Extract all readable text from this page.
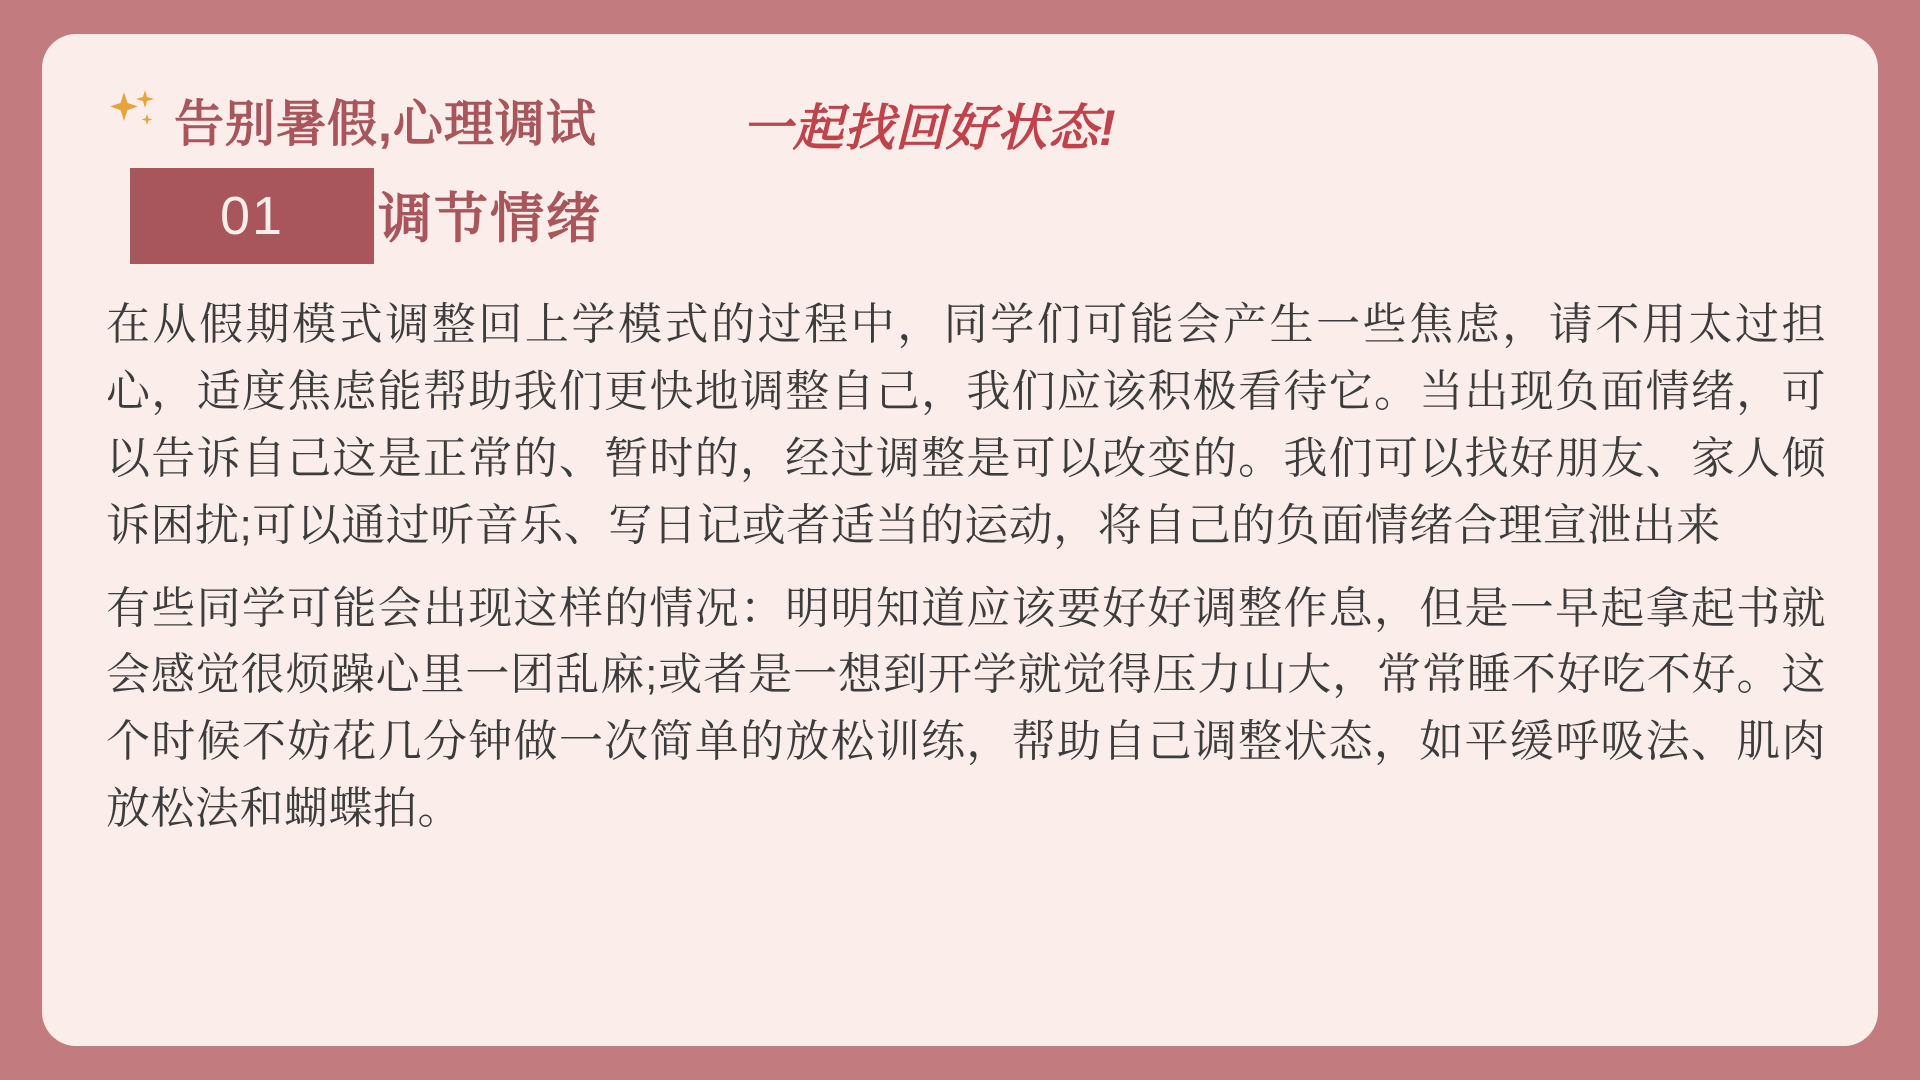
告别暑假,心理调试	一起找回好状态!
01 调节情绪

在从假期模式调整回上学模式的过程中，同学们可能会产生一些焦虑，请不用太过担心，适度焦虑能帮助我们更快地调整自己，我们应该积极看待它。当出现负面情绪，可以告诉自己这是正常的、暂时的，经过调整是可以改变的。我们可以找好朋友、家人倾诉困扰;可以通过听音乐、写日记或者适当的运动，将自己的负面情绪合理宣泄出来

有些同学可能会出现这样的情况：明明知道应该要好好调整作息，但是一早起拿起书就会感觉很烦躁心里一团乱麻;或者是一想到开学就觉得压力山大，常常睡不好吃不好。这个时候不妨花几分钟做一次简单的放松训练，帮助自己调整状态，如平缓呼吸法、肌肉放松法和蝴蝶拍。
